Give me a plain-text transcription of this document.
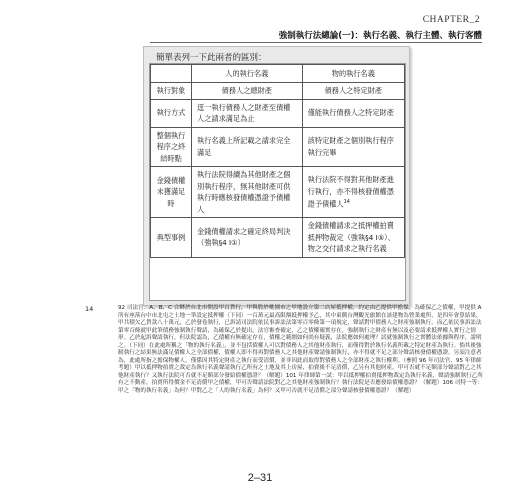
CHAPTER_2
強制執行法總論(一)：執行名義、執行主體、執行客體
簡單表列一下此兩者的區別：
	人的執行名義	物的執行名義
執行對象	債務人之總財產	債務人之特定財產
執行方式	逕一執行債務人之財產至債權人之請求滿足為止	僅能執行債務人之特定財產
整個執行程序之終結時點	執行名義上所記載之請求完全滿足	該特定財產之個別執行程序執行完畢
金錢債權未獲滿足時	執行法院得續為其他財產之個別執行程序，無其他財產可供執行時應核發債權憑證予債權人	執行法院不得對其他財產進行執行，亦不得核發債權憑證予債權人$^{14}$
典型事例	金錢債權請求之確定終局判決（強執§4 I①）	金錢債權請求之抵押權拍賣抵押物裁定（強執§4 I⑤）、物之交付請求之執行名義
14	92 司法官：A、B、C 合夥於台北市開設甲百貨行，甲與股於桃園市之甲地設立第二店屋抵押權，約定由乙提供甲擔保，為確保乙之債權，甲提供 A 所有座落台中市北屯之土地一筆設定抵押權（下同）一百萬元最高限額抵押權予乙，其中東側台灣觀光旅館在該建物為營業處所，是四年會算結果，甲共積欠乙貨款八十萬元，乙於發卷執行，已訴請司法院依民事訴訟法第零百零條第一項規定，聲請對甲債務人之財產強制執行。而乙依民事訴訟法第零百條就甲此筆債務強制執行聲請，為確保乙於提出，法官審查確定，乙之債權確實存在，強制執行之財產有無以及必要請求抵押權人實行之情形。乙於起訴聲請執行，但法院認為，乙債權有無確定存在，債權之範圍如何尚有疑義，法院應如何處理？試就強制執行之實體法依據與程序，說明之。（下同）在此處所稱之「物的執行名義」，並不包括債權人可以對債務人之其他財產執行，而僅得對於執行名義所載之特定財產為執行。倘其後強制執行之結果無法滿足債權人之全部債權，債權人即不得再對債務人之其他財產聲請強制執行，亦不得就不足之部分聲請核發債權憑證。另須注意者為，此處所指之擔保物權人，僅係因其特定財產之執行而受清償，並非因此而取得對債務人之全部財產之執行權利。（參照 96 年司法官、95 年律師考題）甲以抵押物拍賣之裁定為執行名義聲請執行乙所有之土地及其上房屋，拍賣後不足清償，乙另有其他財產，甲可否就不足額部分聲請對乙之其他財產執行？又執行法院可否就不足額部分發給債權憑證？（解題）101 年律師第一試：甲以抵押權拍賣抵押物裁定為執行名義，聲請強制執行乙所有之不動產，拍賣所得價金不足清償甲之債權，甲可否聲請法院對乙之其他財產強制執行？執行法院是否應發給債權憑證？（解題）106 司特一等：甲之「物的執行名義」為何？甲對乙之「人的執行名義」為何？又甲可否就不足清償之部分聲請核發債權憑證？（解題）
2–31
